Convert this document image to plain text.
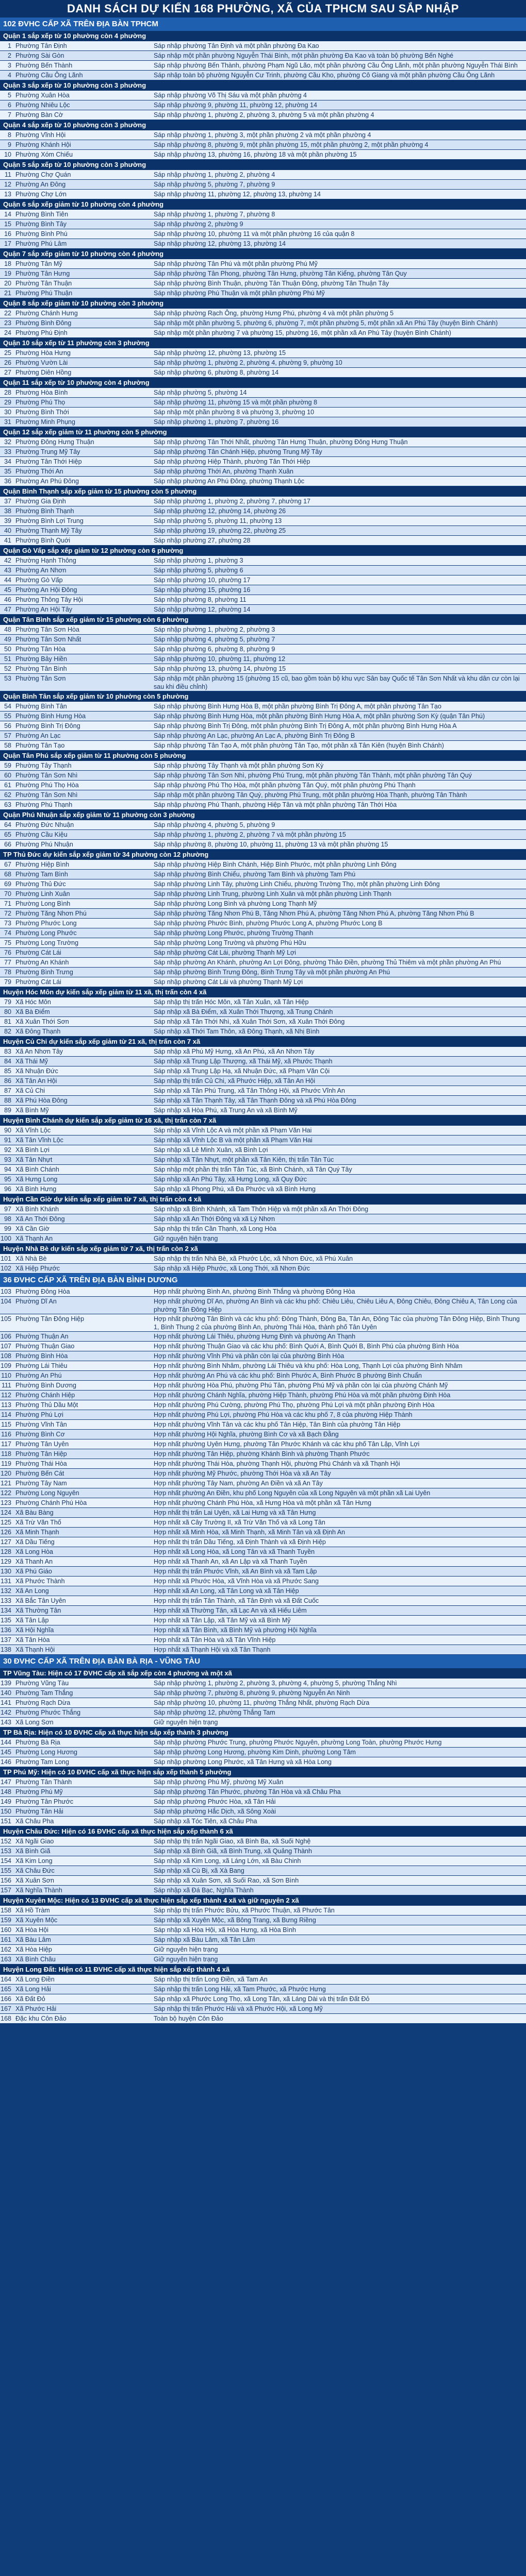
DANH SÁCH DỰ KIẾN 168 PHƯỜNG, XÃ CỦA TPHCM SAU SẮP NHẬP
102 ĐVHC CẤP XÃ TRÊN ĐỊA BÀN TPHCM
Quận 1 sắp xếp từ 10 phường còn 4 phường
1 Phường Tân Định	Sáp nhập phường Tân Định và một phần phường Đa Kao
2 Phường Sài Gòn	Sáp nhập một phần phường Nguyễn Thái Bình, một phần phường Đa Kao và toàn bộ phường Bến Nghé
3 Phường Bến Thành	Sáp nhập phường Bến Thành, phường Phạm Ngũ Lão, một phần phường Cầu Ông Lãnh, một phần phường Nguyễn Thái Bình
4 Phường Cầu Ông Lãnh	Sáp nhập toàn bộ phường Nguyễn Cư Trinh, phường Cầu Kho, phường Cô Giang và một phần phường Cầu Ông Lãnh
Quận 3 sắp xếp từ 10 phường còn 3 phường
5 Phường Xuân Hòa	Sáp nhập phường Võ Thị Sáu và một phần phường 4
6 Phường Nhiêu Lộc	Sáp nhập phường 9, phường 11, phường 12, phường 14
7 Phường Bàn Cờ	Sáp nhập phường 1, phường 2, phường 3, phường 5 và một phần phường 4
Quận 4 sắp xếp từ 10 phường còn 3 phường
8 Phường Vĩnh Hội	Sáp nhập phường 1, phường 3, một phần phường 2 và một phần phường 4
9 Phường Khánh Hội	Sáp nhập phường 8, phường 9, một phần phường 15, một phần phường 2, một phần phường 4
10 Phường Xóm Chiếu	Sáp nhập phường 13, phường 16, phường 18 và một phần phường 15
Quận 5 sắp xếp từ 10 phường còn 3 phường
11 Phường Chợ Quán	Sáp nhập phường 1, phường 2, phường 4
12 Phường An Đông	Sáp nhập phường 5, phường 7, phường 9
13 Phường Chợ Lớn	Sáp nhập phường 11, phường 12, phường 13, phường 14
Quận 6 sắp xếp giảm từ 10 phường còn 4 phường
14 Phường Bình Tiên	Sáp nhập phường 1, phường 7, phường 8
15 Phường Bình Tây	Sáp nhập phường 2, phường 9
16 Phường Bình Phú	Sáp nhập phường 10, phường 11 và một phần phường 16 của quận 8
17 Phường Phú Lâm	Sáp nhập phường 12, phường 13, phường 14
Quận 7 sắp xếp giảm từ 10 phường còn 4 phường
18 Phường Tân Mỹ	Sáp nhập phường Tân Phú và một phần phường Phú Mỹ
19 Phường Tân Hưng	Sáp nhập phường Tân Phong, phường Tân Hưng, phường Tân Kiểng, phường Tân Quy
20 Phường Tân Thuận	Sáp nhập phường Bình Thuận, phường Tân Thuận Đông, phường Tân Thuận Tây
21 Phường Phú Thuận	Sáp nhập phường Phú Thuận và một phần phường Phú Mỹ
Quận 8 sắp xếp giảm từ 10 phường còn 3 phường
22 Phường Chánh Hưng	Sáp nhập phường Rạch Ông, phường Hưng Phú, phường 4 và một phần phường 5
23 Phường Bình Đông	Sáp nhập một phần phường 5, phường 6, phường 7, một phần phường 5, một phần xã An Phú Tây (huyện Bình Chánh)
24 Phường Phú Định	Sáp nhập một phần phường 7 và phường 15, phường 16, một phần xã An Phú Tây (huyện Bình Chánh)
Quận 10 sắp xếp từ 11 phường còn 3 phường
25 Phường Hòa Hưng	Sáp nhập phường 12, phường 13, phường 15
26 Phường Vườn Lài	Sáp nhập phường 1, phường 2, phường 4, phường 9, phường 10
27 Phường Diên Hồng	Sáp nhập phường 6, phường 8, phường 14
Quận 11 sắp xếp từ 10 phường còn 4 phường
28 Phường Hòa Bình	Sáp nhập phường 5, phường 14
29 Phường Phú Thọ	Sáp nhập phường 11, phường 15 và một phần phường 8
30 Phường Bình Thới	Sáp nhập một phần phường 8 và phường 3, phường 10
31 Phường Minh Phụng	Sáp nhập phường 1, phường 7, phường 16
Quận 12 sắp xếp giảm từ 11 phường còn 5 phường
32 Phường Đông Hưng Thuận	Sáp nhập phường Tân Thới Nhất, phường Tân Hưng Thuận, phường Đông Hưng Thuận
33 Phường Trung Mỹ Tây	Sáp nhập phường Tân Chánh Hiệp, phường Trung Mỹ Tây
34 Phường Tân Thới Hiệp	Sáp nhập phường Hiệp Thành, phường Tân Thới Hiệp
35 Phường Thới An	Sáp nhập phường Thới An, phường Thạnh Xuân
36 Phường An Phú Đông	Sáp nhập phường An Phú Đông, phường Thạnh Lộc
Quận Bình Thạnh sắp xếp giảm từ 15 phường còn 5 phường
37 Phường Gia Định	Sáp nhập phường 1, phường 2, phường 7, phường 17
38 Phường Bình Thạnh	Sáp nhập phường 12, phường 14, phường 26
39 Phường Bình Lợi Trung	Sáp nhập phường 5, phường 11, phường 13
40 Phường Thạnh Mỹ Tây	Sáp nhập phường 19, phường 22, phường 25
41 Phường Bình Quới	Sáp nhập phường 27, phường 28
Quận Gò Vấp sắp xếp giảm từ 12 phường còn 6 phường
42 Phường Hạnh Thông	Sáp nhập phường 1, phường 3
43 Phường An Nhơn	Sáp nhập phường 5, phường 6
44 Phường Gò Vấp	Sáp nhập phường 10, phường 17
45 Phường An Hội Đông	Sáp nhập phường 15, phường 16
46 Phường Thông Tây Hội	Sáp nhập phường 8, phường 11
47 Phường An Hội Tây	Sáp nhập phường 12, phường 14
Quận Tân Bình sắp xếp giảm từ 15 phường còn 6 phường
48 Phường Tân Sơn Hòa	Sáp nhập phường 1, phường 2, phường 3
49 Phường Tân Sơn Nhất	Sáp nhập phường 4, phường 5, phường 7
50 Phường Tân Hòa	Sáp nhập phường 6, phường 8, phường 9
51 Phường Bảy Hiền	Sáp nhập phường 10, phường 11, phường 12
52 Phường Tân Bình	Sáp nhập phường 13, phường 14, phường 15
53 Phường Tân Sơn	Sáp nhập một phần phường 15 (phường 15 cũ, bao gồm toàn bộ khu vực Sân bay Quốc tế Tân Sơn Nhất và khu dân cư còn lại sau khi điều chỉnh)
Quận Bình Tân sắp xếp giảm từ 10 phường còn 5 phường
54 Phường Bình Tân	Sáp nhập phường Bình Hưng Hòa B, một phần phường Bình Trị Đông A, một phần phường Tân Tạo
55 Phường Bình Hưng Hòa	Sáp nhập phường Bình Hưng Hòa, một phần phường Bình Hưng Hòa A, một phần phường Sơn Kỳ (quận Tân Phú)
56 Phường Bình Trị Đông	Sáp nhập phường Bình Trị Đông, một phần phường Bình Trị Đông A, một phần phường Bình Hưng Hòa A
57 Phường An Lạc	Sáp nhập phường An Lạc, phường An Lạc A, phường Bình Trị Đông B
58 Phường Tân Tạo	Sáp nhập phường Tân Tạo A, một phần phường Tân Tạo, một phần xã Tân Kiên (huyện Bình Chánh)
Quận Tân Phú sắp xếp giảm từ 11 phường còn 5 phường
59 Phường Tây Thạnh	Sáp nhập phường Tây Thạnh và một phần phường Sơn Kỳ
60 Phường Tân Sơn Nhì	Sáp nhập phường Tân Sơn Nhì, phường Phú Trung, một phần phường Tân Thành, một phần phường Tân Quý
61 Phường Phú Thọ Hòa	Sáp nhập phường Phú Thọ Hòa, một phần phường Tân Quý, một phần phường Phú Thạnh
62 Phường Tân Sơn Nhì	Sáp nhập một phần phường Tân Quý, phường Phú Trung, một phần phường Hòa Thạnh, phường Tân Thành
63 Phường Phú Thạnh	Sáp nhập phường Phú Thạnh, phường Hiệp Tân và một phần phường Tân Thới Hòa
Quận Phú Nhuận sắp xếp giảm từ 11 phường còn 3 phường
64 Phường Đức Nhuận	Sáp nhập phường 4, phường 5, phường 9
65 Phường Cầu Kiệu	Sáp nhập phường 1, phường 2, phường 7 và một phần phường 15
66 Phường Phú Nhuận	Sáp nhập phường 8, phường 10, phường 11, phường 13 và một phần phường 15
TP Thủ Đức dự kiến sắp xếp giảm từ 34 phường còn 12 phường
67 Phường Hiệp Bình	Sáp nhập phường Hiệp Bình Chánh, Hiệp Bình Phước, một phần phường Linh Đông
68 Phường Tam Bình	Sáp nhập phường Bình Chiểu, phường Tam Bình và phường Tam Phú
69 Phường Thủ Đức	Sáp nhập phường Linh Tây, phường Linh Chiểu, phường Trường Thọ, một phần phường Linh Đông
70 Phường Linh Xuân	Sáp nhập phường Linh Trung, phường Linh Xuân và một phần phường Linh Thạnh
71 Phường Long Bình	Sáp nhập phường Long Bình và phường Long Thạnh Mỹ
72 Phường Tăng Nhơn Phú	Sáp nhập phường Tăng Nhơn Phú B, Tăng Nhơn Phú A, phường Tăng Nhơn Phú A, phường Tăng Nhơn Phú B
73 Phường Phước Long	Sáp nhập phường Phước Bình, phường Phước Long A, phường Phước Long B
74 Phường Long Phước	Sáp nhập phường Long Phước, phường Trường Thạnh
75 Phường Long Trường	Sáp nhập phường Long Trường và phường Phú Hữu
76 Phường Cát Lái	Sáp nhập phường Cát Lái, phường Thạnh Mỹ Lợi
77 Phường An Khánh	Sáp nhập phường An Khánh, phường An Lợi Đông, phường Thảo Điền, phường Thủ Thiêm và một phần phường An Phú
78 Phường Bình Trưng	Sáp nhập phường Bình Trưng Đông, Bình Trưng Tây và một phần phường An Phú
79 Phường Cát Lái	Sáp nhập phường Cát Lái và phường Thạnh Mỹ Lợi
Huyện Hóc Môn dự kiến sắp xếp giảm từ 11 xã, thị trấn còn 4 xã
79 Xã Hóc Môn	Sáp nhập thị trấn Hóc Môn, xã Tân Xuân, xã Tân Hiệp
80 Xã Bà Điểm	Sáp nhập xã Bà Điểm, xã Xuân Thới Thượng, xã Trung Chánh
81 Xã Xuân Thới Sơn	Sáp nhập xã Tân Thới Nhì, xã Xuân Thới Sơn, xã Xuân Thới Đông
82 Xã Đông Thạnh	Sáp nhập xã Thới Tam Thôn, xã Đông Thạnh, xã Nhị Bình
Huyện Củ Chi dự kiến sắp xếp giảm từ 21 xã, thị trấn còn 7 xã
83 Xã An Nhơn Tây	Sáp nhập xã Phú Mỹ Hưng, xã An Phú, xã An Nhơn Tây
84 Xã Thái Mỹ	Sáp nhập xã Trung Lập Thượng, xã Thái Mỹ, xã Phước Thạnh
85 Xã Nhuận Đức	Sáp nhập xã Trung Lập Hạ, xã Nhuận Đức, xã Phạm Văn Cội
86 Xã Tân An Hội	Sáp nhập thị trấn Củ Chi, xã Phước Hiệp, xã Tân An Hội
87 Xã Củ Chi	Sáp nhập xã Tân Phú Trung, xã Tân Thông Hội, xã Phước Vĩnh An
88 Xã Phú Hòa Đông	Sáp nhập xã Tân Thạnh Tây, xã Tân Thạnh Đông và xã Phú Hòa Đông
89 Xã Bình Mỹ	Sáp nhập xã Hòa Phú, xã Trung An và xã Bình Mỹ
Huyện Bình Chánh dự kiến sắp xếp giảm từ 16 xã, thị trấn còn 7 xã
90 Xã Vĩnh Lộc	Sáp nhập xã Vĩnh Lộc A và một phần xã Phạm Văn Hai
91 Xã Tân Vĩnh Lộc	Sáp nhập xã Vĩnh Lộc B và một phần xã Phạm Văn Hai
92 Xã Bình Lợi	Sáp nhập xã Lê Minh Xuân, xã Bình Lợi
93 Xã Tân Nhựt	Sáp nhập xã Tân Nhựt, một phần xã Tân Kiên, thị trấn Tân Túc
94 Xã Bình Chánh	Sáp nhập một phần thị trấn Tân Túc, xã Bình Chánh, xã Tân Quý Tây
95 Xã Hưng Long	Sáp nhập xã An Phú Tây, xã Hưng Long, xã Quy Đức
96 Xã Bình Hưng	Sáp nhập xã Phong Phú, xã Đa Phước và xã Bình Hưng
Huyện Cần Giờ dự kiến sắp xếp giảm từ 7 xã, thị trấn còn 4 xã
97 Xã Bình Khánh	Sáp nhập xã Bình Khánh, xã Tam Thôn Hiệp và một phần xã An Thới Đông
98 Xã An Thới Đông	Sáp nhập xã An Thới Đông và xã Lý Nhơn
99 Xã Cần Giờ	Sáp nhập thị trấn Cần Thạnh, xã Long Hòa
100 Xã Thạnh An	Giữ nguyên hiện trạng
Huyện Nhà Bè dự kiến sắp xếp giảm từ 7 xã, thị trấn còn 2 xã
101 Xã Nhà Bè	Sáp nhập thị trấn Nhà Bè, xã Phước Lộc, xã Nhơn Đức, xã Phú Xuân
102 Xã Hiệp Phước	Sáp nhập xã Hiệp Phước, xã Long Thới, xã Nhơn Đức
36 ĐVHC CẤP XÃ TRÊN ĐỊA BÀN BÌNH DƯƠNG
103 Phường Đông Hòa	Hợp nhất phường Bình An, phường Bình Thắng và phường Đông Hòa
104 Phường Dĩ An	Hợp nhất phường Dĩ An, phường An Bình và các khu phố: Chiêu Liêu, Chiêu Liêu A, Đông Chiêu, Đông Chiêu A, Tân Long của phường Tân Đông Hiệp
105 Phường Tân Đông Hiệp	Hợp nhất phường Tân Bình và các khu phố: Đông Thành, Đông Ba, Tân An, Đông Tác của phường Tân Đông Hiệp, Bình Thung 1, Bình Thung 2 của phường Bình An, phường Thái Hòa, thành phố Tân Uyên
106 Phường Thuận An	Hợp nhất phường Lái Thiêu, phường Hưng Định và phường An Thạnh
107 Phường Thuận Giao	Hợp nhất phường Thuận Giao và các khu phố: Bình Quới A, Bình Quới B, Bình Phú của phường Bình Hòa
108 Phường Bình Hòa	Hợp nhất phường Vĩnh Phú và phần còn lại của phường Bình Hòa
109 Phường Lái Thiêu	Hợp nhất phường Bình Nhâm, phường Lái Thiêu và khu phố: Hòa Long, Thạnh Lợi của phường Bình Nhâm
110 Phường An Phú	Hợp nhất phường An Phú và các khu phố: Bình Phước A, Bình Phước B phường Bình Chuẩn
111 Phường Bình Dương	Hợp nhất phường Hòa Phú, phường Phú Tân, phường Phú Mỹ và phần còn lại của phường Chánh Mỹ
112 Phường Chánh Hiệp	Hợp nhất phường Chánh Nghĩa, phường Hiệp Thành, phường Phú Hòa và một phần phường Định Hòa
113 Phường Thủ Dầu Một	Hợp nhất phường Phú Cường, phường Phú Thọ, phường Phú Lợi và một phần phường Định Hòa
114 Phường Phú Lợi	Hợp nhất phường Phú Lợi, phường Phú Hòa và các khu phố 7, 8 của phường Hiệp Thành
115 Phường Vĩnh Tân	Hợp nhất phường Vĩnh Tân và các khu phố Tân Hiệp, Tân Bình của phường Tân Hiệp
116 Phường Bình Cơ	Hợp nhất phường Hội Nghĩa, phường Bình Cơ và xã Bạch Đằng
117 Phường Tân Uyên	Hợp nhất phường Uyên Hưng, phường Tân Phước Khánh và các khu phố Tân Lập, Vĩnh Lợi
118 Phường Tân Hiệp	Hợp nhất phường Tân Hiệp, phường Khánh Bình và phường Thạnh Phước
119 Phường Thái Hòa	Hợp nhất phường Thái Hòa, phường Thạnh Hội, phường Phú Chánh và xã Thạnh Hội
120 Phường Bến Cát	Hợp nhất phường Mỹ Phước, phường Thới Hòa và xã An Tây
121 Phường Tây Nam	Hợp nhất phường Tây Nam, phường An Điền và xã An Tây
122 Phường Long Nguyên	Hợp nhất phường An Điền, khu phố Long Nguyên của xã Long Nguyên và một phần xã Lai Uyên
123 Phường Chánh Phú Hòa	Hợp nhất phường Chánh Phú Hòa, xã Hưng Hòa và một phần xã Tân Hưng
124 Xã Bàu Bàng	Hợp nhất thị trấn Lai Uyên, xã Lai Hưng và xã Tân Hưng
125 Xã Trừ Văn Thố	Hợp nhất xã Cây Trường II, xã Trừ Văn Thố và xã Long Tân
126 Xã Minh Thạnh	Hợp nhất xã Minh Hòa, xã Minh Thạnh, xã Minh Tân và xã Định An
127 Xã Dầu Tiếng	Hợp nhất thị trấn Dầu Tiếng, xã Định Thành và xã Định Hiệp
128 Xã Long Hòa	Hợp nhất xã Long Hòa, xã Long Tân và xã Thanh Tuyền
129 Xã Thanh An	Hợp nhất xã Thanh An, xã An Lập và xã Thanh Tuyền
130 Xã Phú Giáo	Hợp nhất thị trấn Phước Vĩnh, xã An Bình và xã Tam Lập
131 Xã Phước Thành	Hợp nhất xã Phước Hòa, xã Vĩnh Hòa và xã Phước Sang
132 Xã An Long	Hợp nhất xã An Long, xã Tân Long và xã Tân Hiệp
133 Xã Bắc Tân Uyên	Hợp nhất thị trấn Tân Thành, xã Tân Định và xã Đất Cuốc
134 Xã Thường Tân	Hợp nhất xã Thường Tân, xã Lạc An và xã Hiếu Liêm
135 Xã Tân Lập	Hợp nhất xã Tân Lập, xã Tân Mỹ và xã Bình Mỹ
136 Xã Hội Nghĩa	Hợp nhất xã Tân Bình, xã Bình Mỹ và phường Hội Nghĩa
137 Xã Tân Hòa	Hợp nhất xã Tân Hòa và xã Tân Vĩnh Hiệp
138 Xã Thạnh Hội	Hợp nhất xã Thạnh Hội và xã Tân Thạnh
30 ĐVHC CẤP XÃ TRÊN ĐỊA BÀN BÀ RỊA - VŨNG TÀU
TP Vũng Tàu: Hiện có 17 ĐVHC cấp xã sắp xếp còn 4 phường và một xã
139 Phường Vũng Tàu	Sáp nhập phường 1, phường 2, phường 3, phường 4, phường 5, phường Thắng Nhì
140 Phường Tam Thắng	Sáp nhập phường 7, phường 8, phường 9, phường Nguyễn An Ninh
141 Phường Rạch Dừa	Sáp nhập phường 10, phường 11, phường Thắng Nhất, phường Rạch Dừa
142 Phường Phước Thắng	Sáp nhập phường 12, phường Thắng Tam
143 Xã Long Sơn	Giữ nguyên hiện trạng
TP Bà Rịa: Hiện có 10 ĐVHC cấp xã thực hiện sắp xếp thành 3 phường
144 Phường Bà Rịa	Sáp nhập phường Phước Trung, phường Phước Nguyên, phường Long Toàn, phường Phước Hưng
145 Phường Long Hương	Sáp nhập phường Long Hương, phường Kim Dinh, phường Long Tâm
146 Phường Tam Long	Sáp nhập phường Long Phước, xã Tân Hưng và xã Hòa Long
TP Phú Mỹ: Hiện có 10 ĐVHC cấp xã thực hiện sắp xếp thành 5 phường
147 Phường Tân Thành	Sáp nhập phường Phú Mỹ, phường Mỹ Xuân
148 Phường Phú Mỹ	Sáp nhập phường Tân Phước, phường Tân Hòa và xã Châu Pha
149 Phường Tân Phước	Sáp nhập phường Phước Hòa, xã Tân Hải
150 Phường Tân Hải	Sáp nhập phường Hắc Dịch, xã Sông Xoài
151 Xã Châu Pha	Sáp nhập xã Tóc Tiên, xã Châu Pha
Huyện Châu Đức: Hiện có 16 ĐVHC cấp xã thực hiện sắp xếp thành 6 xã
152 Xã Ngãi Giao	Sáp nhập thị trấn Ngãi Giao, xã Bình Ba, xã Suối Nghệ
153 Xã Bình Giã	Sáp nhập xã Bình Giã, xã Bình Trung, xã Quảng Thành
154 Xã Kim Long	Sáp nhập xã Kim Long, xã Láng Lớn, xã Bàu Chinh
155 Xã Châu Đức	Sáp nhập xã Cù Bị, xã Xà Bang
156 Xã Xuân Sơn	Sáp nhập xã Xuân Sơn, xã Suối Rao, xã Sơn Bình
157 Xã Nghĩa Thành	Sáp nhập xã Đá Bạc, Nghĩa Thành
Huyện Xuyên Mộc: Hiện có 13 ĐVHC cấp xã thực hiện sắp xếp thành 4 xã và giữ nguyên 2 xã
158 Xã Hồ Tràm	Sáp nhập thị trấn Phước Bửu, xã Phước Thuận, xã Phước Tân
159 Xã Xuyên Mộc	Sáp nhập xã Xuyên Mộc, xã Bông Trang, xã Bưng Riềng
160 Xã Hòa Hội	Sáp nhập xã Hòa Hội, xã Hòa Hưng, xã Hòa Bình
161 Xã Bàu Lâm	Sáp nhập xã Bàu Lâm, xã Tân Lâm
162 Xã Hòa Hiệp	Giữ nguyên hiện trạng
163 Xã Bình Châu	Giữ nguyên hiện trạng
Huyện Long Đất: Hiện có 11 ĐVHC cấp xã thực hiện sắp xếp thành 4 xã
164 Xã Long Điền	Sáp nhập thị trấn Long Điền, xã Tam An
165 Xã Long Hải	Sáp nhập thị trấn Long Hải, xã Tam Phước, xã Phước Hưng
166 Xã Đất Đỏ	Sáp nhập xã Phước Long Thọ, xã Long Tân, xã Láng Dài và thị trấn Đất Đỏ
167 Xã Phước Hải	Sáp nhập thị trấn Phước Hải và xã Phước Hội, xã Long Mỹ
168 Đặc khu Côn Đảo	Toàn bộ huyện Côn Đảo
